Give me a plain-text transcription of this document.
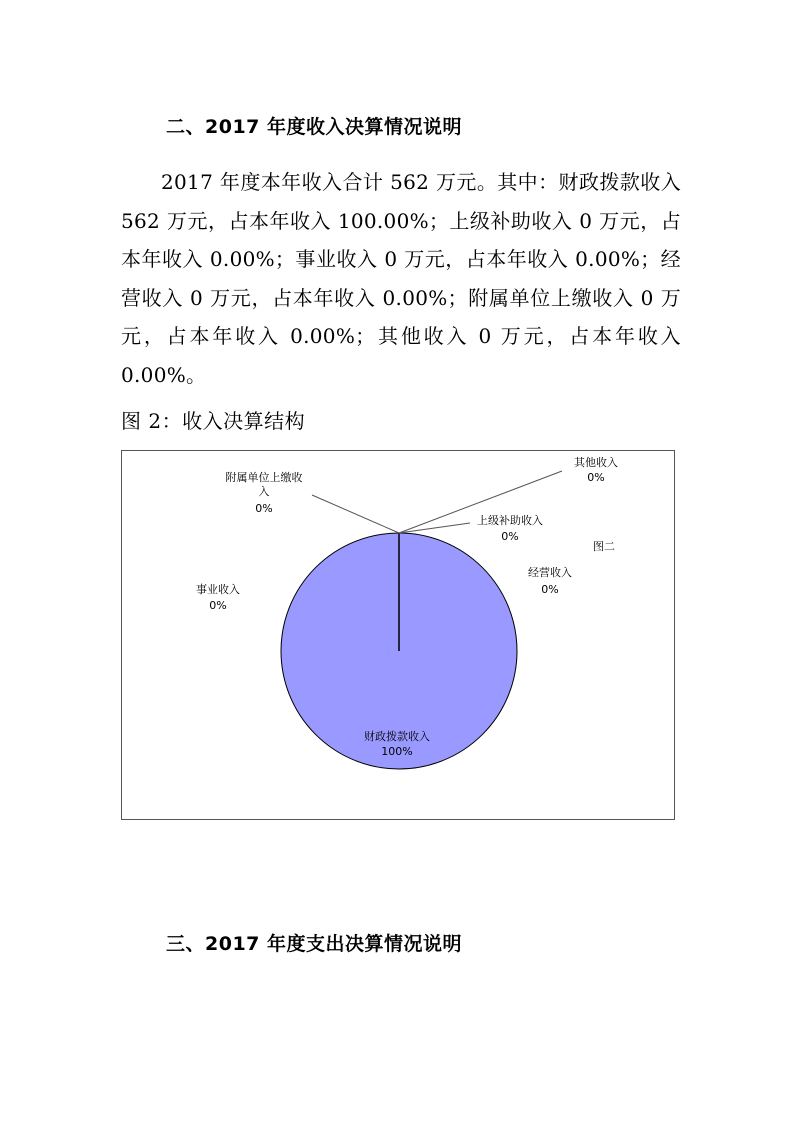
二、2017 年度收入决算情况说明
2017 年度本年收入合计 562 万元。其中：财政拨款收入 562 万元，占本年收入 100.00%；上级补助收入 0 万元，占本年收入 0.00%；事业收入 0 万元，占本年收入 0.00%；经营收入 0 万元，占本年收入 0.00%；附属单位上缴收入 0 万元，占本年收入 0.00%；其他收入 0 万元，占本年收入 0.00%。
图 2：收入决算结构
附属单位上缴收
入
0%
其他收入
0%
上级补助收入
0%
图二
经营收入
0%
事业收入
0%
财政拨款收入
100%
三、2017 年度支出决算情况说明
